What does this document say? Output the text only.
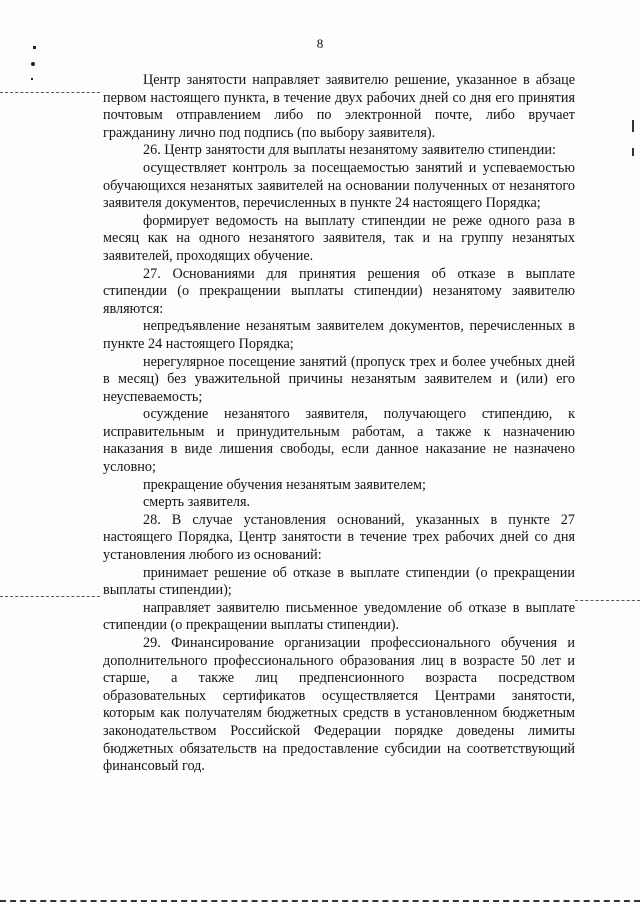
8

Центр занятости направляет заявителю решение, указанное в абзаце первом настоящего пункта, в течение двух рабочих дней со дня его принятия почтовым отправлением либо по электронной почте, либо вручает гражданину лично под подпись (по выбору заявителя).

26. Центр занятости для выплаты незанятому заявителю стипендии:

осуществляет контроль за посещаемостью занятий и успеваемостью обучающихся незанятых заявителей на основании полученных от незанятого заявителя документов, перечисленных в пункте 24 настоящего Порядка;

формирует ведомость на выплату стипендии не реже одного раза в месяц как на одного незанятого заявителя, так и на группу незанятых заявителей, проходящих обучение.

27. Основаниями для принятия решения об отказе в выплате стипендии (о прекращении выплаты стипендии) незанятому заявителю являются:

непредъявление незанятым заявителем документов, перечисленных в пункте 24 настоящего Порядка;

нерегулярное посещение занятий (пропуск трех и более учебных дней в месяц) без уважительной причины незанятым заявителем и (или) его неуспеваемость;

осуждение незанятого заявителя, получающего стипендию, к исправительным и принудительным работам, а также к назначению наказания в виде лишения свободы, если данное наказание не назначено условно;

прекращение обучения незанятым заявителем;

смерть заявителя.

28. В случае установления оснований, указанных в пункте 27 настоящего Порядка, Центр занятости в течение трех рабочих дней со дня установления любого из оснований:

принимает решение об отказе в выплате стипендии (о прекращении выплаты стипендии);

направляет заявителю письменное уведомление об отказе в выплате стипендии (о прекращении выплаты стипендии).

29. Финансирование организации профессионального обучения и дополнительного профессионального образования лиц в возрасте 50 лет и старше, а также лиц предпенсионного возраста посредством образовательных сертификатов осуществляется Центрами занятости, которым как получателям бюджетных средств в установленном бюджетным законодательством Российской Федерации порядке доведены лимиты бюджетных обязательств на предоставление субсидии на соответствующий финансовый год.
